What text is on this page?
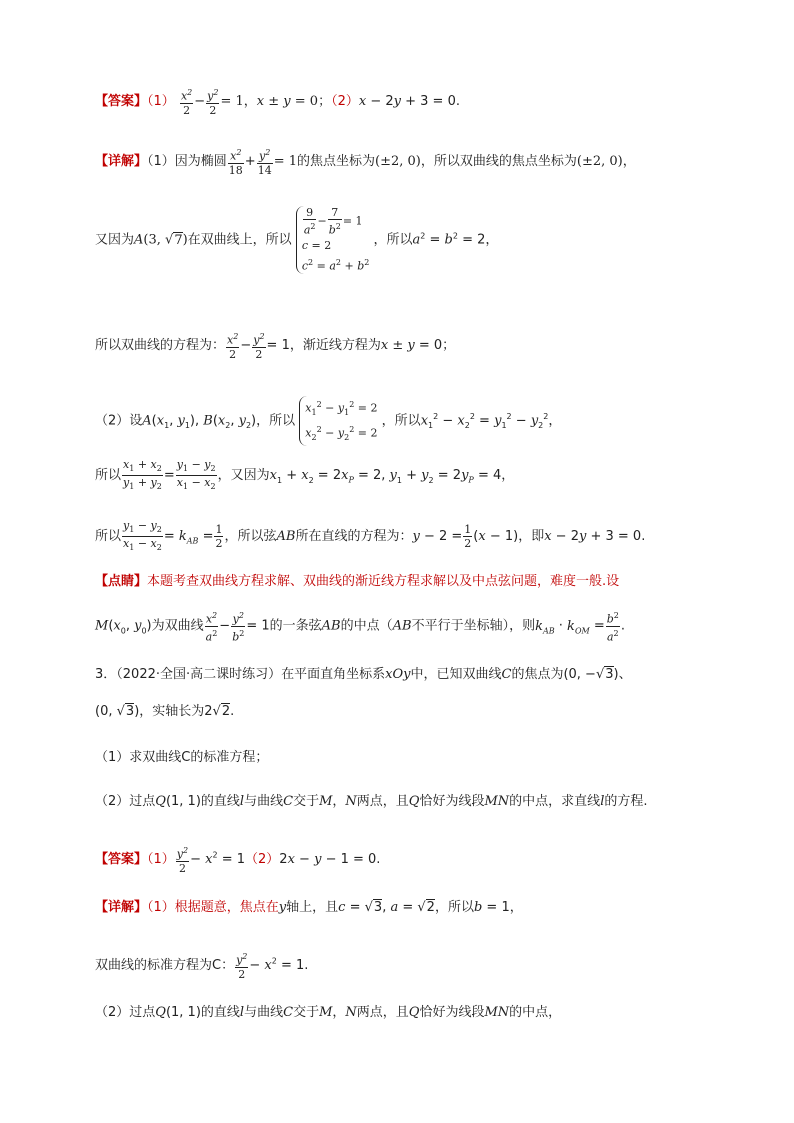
【答案】$(1) \frac{x^2}{2} - \frac{y^2}{2} = 1$，x ± y = 0；（2）x − 2y + 3 = 0.
【详解】（1）因为椭圆 $\frac{x^2}{18} + \frac{y^2}{14} = 1$的焦点坐标为(±2, 0)，所以双曲线的焦点坐标为(±2, 0)，
又因为A(3, √7)在双曲线上，所以
$\frac{9}{a^2} - \frac{7}{b^2} = 1$
c = 2
$c^2 = a^2 + b^2$
，所以$a^2 = b^2 = 2$，
所以双曲线的方程为： $\frac{x^2}{2} - \frac{y^2}{2} = 1$，渐近线方程为x ± y = 0；
（2）设$A(x_1$, $y_1$), $B(x_2$, $y_2$)，所以
$x_1^2 - y_1^2 = 2$
$x_2^2 - y_2^2 = 2$
，所以$x_1^2 - x_2^2 = y_1^2 - y_2^2$，
所以 $\frac{x_1 + x_2}{y_1 + y_2} = \frac{y_1 - y_2}{x_1 - x_2}$ ，又因为$x_1 + x_2 = 2x_P = 2$, $y_1 + y_2 = 2y_P = 4$，
所以 $\frac{y_1 - y_2}{x_1 - x_2} = k_{AB} = \frac{1}{2}$ ，所以弦AB所在直线的方程为：$y - 2 = \frac{1}{2} (x - 1)$，即x − 2y + 3 = 0.
【点睛】本题考查双曲线方程求解、双曲线的渐近线方程求解以及中点弦问题，难度一般.设
$M(x_0$, $y_0$)为双曲线 $\frac{x^2}{a^2} - \frac{y^2}{b^2} = 1$的一条弦AB的中点（AB不平行于坐标轴），则$k_{AB} \cdot k_{OM} = \frac{b^2}{a^2}$ .
3．（2022·全国·高二课时练习）在平面直角坐标系xOy中，已知双曲线C的焦点为(0, −√3)、
(0, √3)，实轴长为2√2.
（1）求双曲线C的标准方程；
（2）过点Q(1, 1)的直线l与曲线C交于M，N两点，且Q恰好为线段MN的中点，求直线l的方程.
【答案】$(1) \frac{y^2}{2} - x^2 = 1(2)2x - y - 1 = 0$.
【详解】（1）根据题意，焦点在y轴上，且c = √3, a = √2，所以b = 1，
双曲线的标准方程为C： $\frac{y^2}{2} - x^2 = 1$.
（2）过点Q(1, 1)的直线l与曲线C交于M，N两点，且Q恰好为线段MN的中点，
